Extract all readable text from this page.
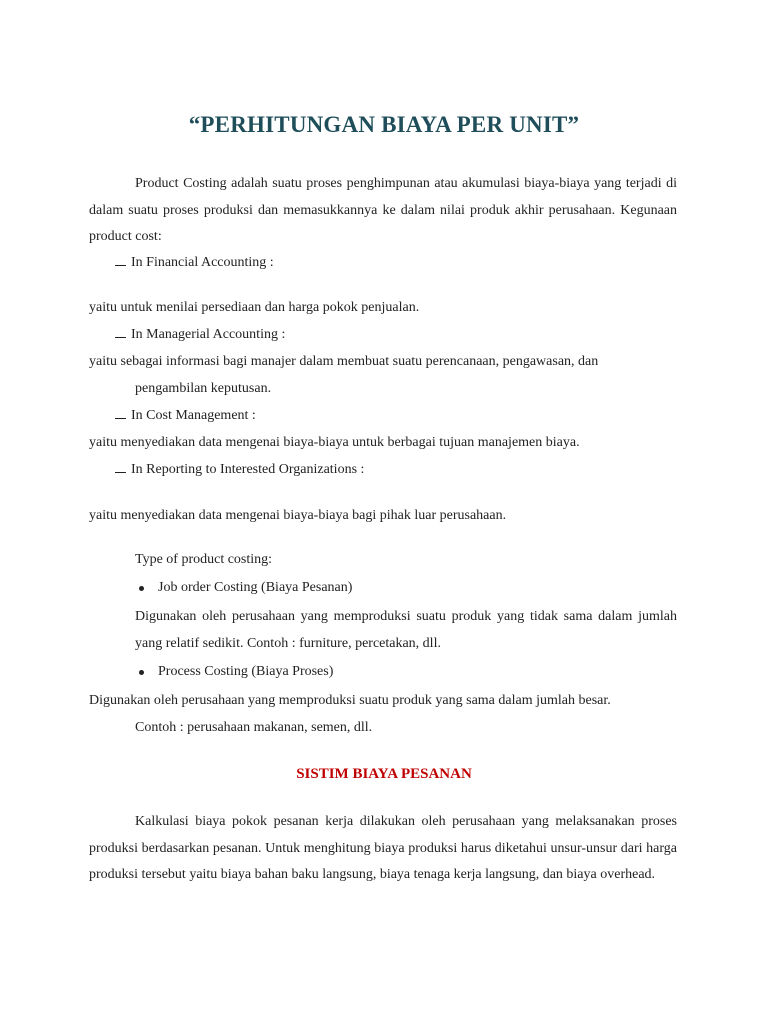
“PERHITUNGAN BIAYA PER UNIT”
Product Costing adalah suatu proses penghimpunan atau akumulasi biaya-biaya yang terjadi di dalam suatu proses produksi dan memasukkannya ke dalam nilai produk akhir perusahaan. Kegunaan product cost:
In Financial Accounting :
yaitu untuk menilai persediaan dan harga pokok penjualan.
In Managerial Accounting :
yaitu sebagai informasi bagi manajer dalam membuat suatu perencanaan, pengawasan, dan
pengambilan keputusan.
In Cost Management :
yaitu menyediakan data mengenai biaya-biaya untuk berbagai tujuan manajemen biaya.
In Reporting to Interested Organizations :
yaitu menyediakan data mengenai biaya-biaya bagi pihak luar perusahaan.
Type of product costing:
Job order Costing (Biaya Pesanan)
Digunakan oleh perusahaan yang memproduksi suatu produk yang tidak sama dalam jumlah yang relatif sedikit. Contoh : furniture, percetakan, dll.
Process Costing (Biaya Proses)
Digunakan oleh perusahaan yang memproduksi suatu produk yang sama dalam jumlah besar.
Contoh : perusahaan makanan, semen, dll.
SISTIM BIAYA PESANAN
Kalkulasi biaya pokok pesanan kerja dilakukan oleh perusahaan yang melaksanakan proses produksi berdasarkan pesanan. Untuk menghitung biaya produksi harus diketahui unsur-unsur dari harga produksi tersebut yaitu biaya bahan baku langsung, biaya tenaga kerja langsung, dan biaya overhead.
